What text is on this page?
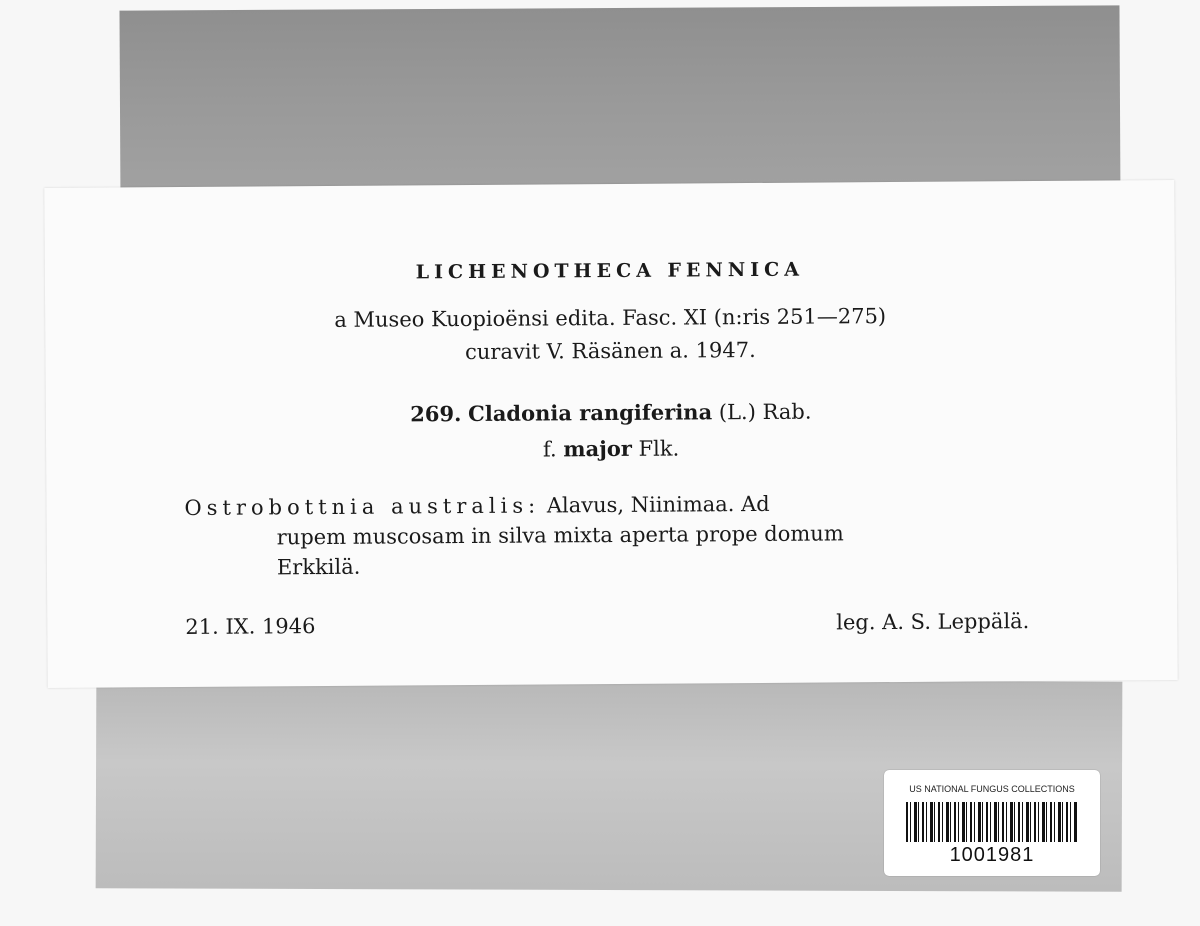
LICHENOTHECA FENNICA
a Museo Kuopioënsi edita. Fasc. XI (n:ris 251—275)
curavit V. Räsänen a. 1947.
269. Cladonia rangiferina (L.) Rab.
f. major Flk.
Ostrobottnia australis: Alavus, Niinimaa. Ad
rupem muscosam in silva mixta aperta prope domum
Erkkilä.
21. IX. 1946	leg. A. S. Leppälä.
US NATIONAL FUNGUS COLLECTIONS
1001981
